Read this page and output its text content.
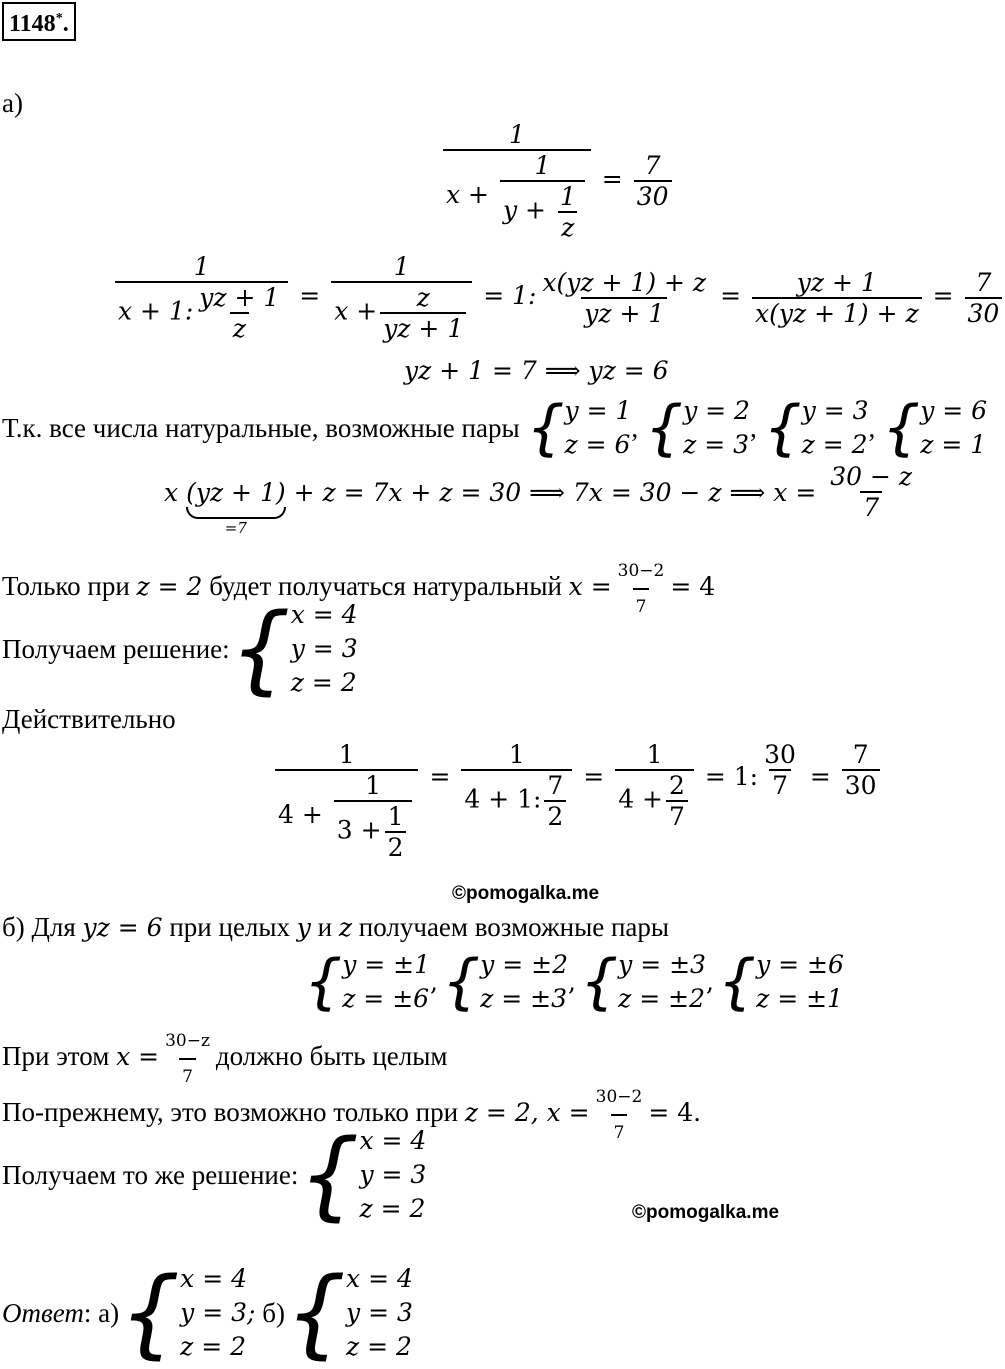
1148*.
а)
$\frac{1}{x + \frac{1}{y + \frac{1}{z}}} = \frac{7}{30}$
$\frac{1}{x + 1: \frac{yz + 1}{z}}$ =
1
$x + \frac{z}{yz + 1} = 1$: $\frac{x(yz + 1) + z}{yz + 1} = \frac{yz + 1}{x(yz + 1) + z} = \frac{7}{30}$
yz + 1 = 7 ⟹ yz = 6
Т.к. все числа натуральные, возможные пары { y = 1
z = 6
, { y = 2
z = 3
, { y = 3
z = 2
, { y = 6
z = 1
x (yz + 1)
=7
+ z = 7x + z = 30 ⟹ 7x = 30 − z ⟹ $x = \frac{30 - z}{7}$
Только при z = 2 будет получаться натуральный $x = \frac{30-2}{7} = 4$
Получаем решение: { x = 4
y = 3
z = 2
Действительно
$\frac{1}{4 + \frac{1}{3 + \frac{1}{2}}} = \frac{1}{4 + 1: \frac{7}{2}} = \frac{1}{4 + \frac{2}{7}} = 1$: $\frac{30}{7} = \frac{7}{30}$
©pomogalka.me
б) Для yz = 6 при целых y и z получаем возможные пары
{ y = ±1
z = ±6
, { y = ±2
z = ±3
, { y = ±3
z = ±2
, { y = ±6
z = ±1
При этом $x = \frac{30-z}{7}$ должно быть целым
По-прежнему, это возможно только при z = 2, $x = \frac{30-2}{7} = 4$.
Получаем то же решение: { x = 4
y = 3
z = 2	©pomogalka.me
Ответ: а) { x = 4
y = 3;
z = 2
б) { x = 4
y = 3
z = 2
